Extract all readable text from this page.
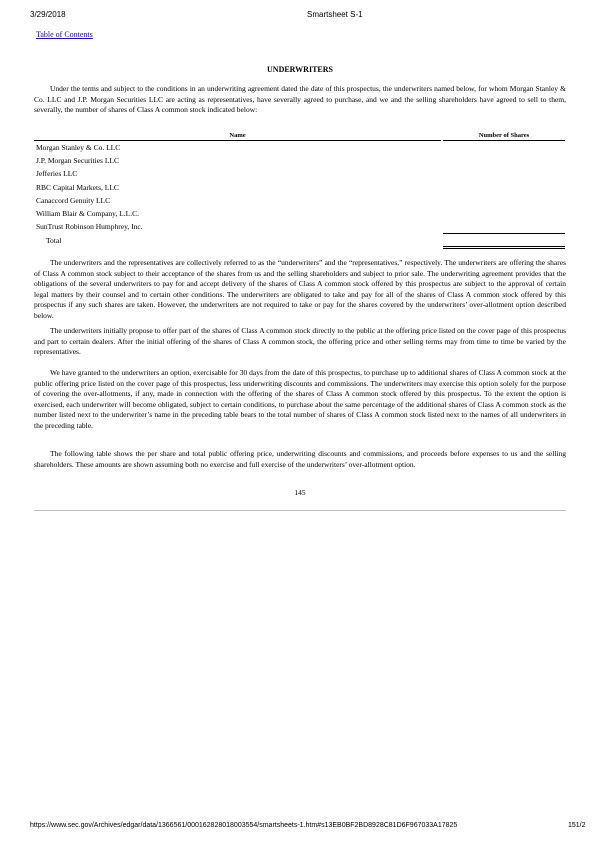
3/29/2018	Smartsheet S-1
Table of Contents
UNDERWRITERS

Under the terms and subject to the conditions in an underwriting agreement dated the date of this prospectus, the underwriters named below, for whom Morgan Stanley & Co. LLC and J.P. Morgan Securities LLC are acting as representatives, have severally agreed to purchase, and we and the selling shareholders have agreed to sell to them, severally, the number of shares of Class A common stock indicated below:

Name	Number of Shares
Morgan Stanley & Co. LLC
J.P. Morgan Securities LLC
Jefferies LLC
RBC Capital Markets, LLC
Canaccord Genuity LLC
William Blair & Company, L.L.C.
SunTrust Robinson Humphrey, Inc.
Total

The underwriters and the representatives are collectively referred to as the “underwriters” and the “representatives,” respectively. The underwriters are offering the shares of Class A common stock subject to their acceptance of the shares from us and the selling shareholders and subject to prior sale. The underwriting agreement provides that the obligations of the several underwriters to pay for and accept delivery of the shares of Class A common stock offered by this prospectus are subject to the approval of certain legal matters by their counsel and to certain other conditions. The underwriters are obligated to take and pay for all of the shares of Class A common stock offered by this prospectus if any such shares are taken. However, the underwriters are not required to take or pay for the shares covered by the underwriters’ over-allotment option described below.

The underwriters initially propose to offer part of the shares of Class A common stock directly to the public at the offering price listed on the cover page of this prospectus and part to certain dealers. After the initial offering of the shares of Class A common stock, the offering price and other selling terms may from time to time be varied by the representatives.

We have granted to the underwriters an option, exercisable for 30 days from the date of this prospectus, to purchase up to additional shares of Class A common stock at the public offering price listed on the cover page of this prospectus, less underwriting discounts and commissions. The underwriters may exercise this option solely for the purpose of covering the over-allotments, if any, made in connection with the offering of the shares of Class A common stock offered by this prospectus. To the extent the option is exercised, each underwriter will become obligated, subject to certain conditions, to purchase about the same percentage of the additional shares of Class A common stock as the number listed next to the underwriter’s name in the preceding table bears to the total number of shares of Class A common stock listed next to the names of all underwriters in the preceding table.

The following table shows the per share and total public offering price, underwriting discounts and commissions, and proceeds before expenses to us and the selling shareholders. These amounts are shown assuming both no exercise and full exercise of the underwriters’ over-allotment option.

145
https://www.sec.gov/Archives/edgar/data/1366561/000162828018003554/smartsheets-1.htm#s13EB0BF2BD8928C81D6F967033A17825	151/2
